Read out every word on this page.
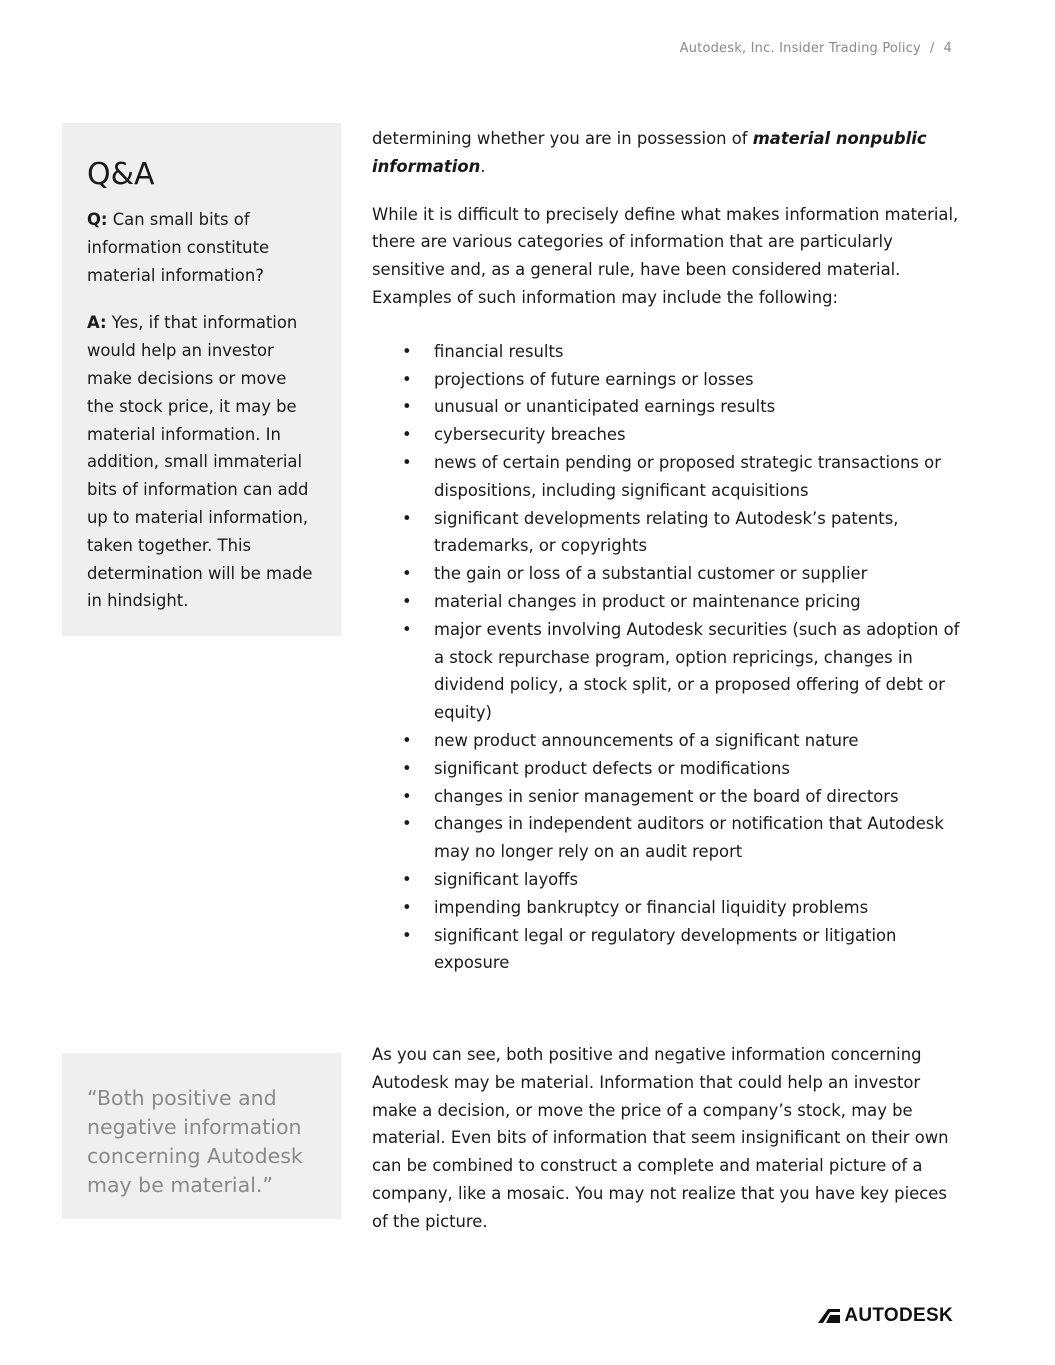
Autodesk, Inc. Insider Trading Policy / 4
Q&A

Q: Can small bits of information constitute material information?

A: Yes, if that information would help an investor make decisions or move the stock price, it may be material information. In addition, small immaterial bits of information can add up to material information, taken together. This determination will be made in hindsight.

determining whether you are in possession of material nonpublic information.

While it is difficult to precisely define what makes information material, there are various categories of information that are particularly sensitive and, as a general rule, have been considered material. Examples of such information may include the following:

• financial results
• projections of future earnings or losses
• unusual or unanticipated earnings results
• cybersecurity breaches
• news of certain pending or proposed strategic transactions or dispositions, including significant acquisitions
• significant developments relating to Autodesk’s patents, trademarks, or copyrights
• the gain or loss of a substantial customer or supplier
• material changes in product or maintenance pricing
• major events involving Autodesk securities (such as adoption of a stock repurchase program, option repricings, changes in dividend policy, a stock split, or a proposed offering of debt or equity)
• new product announcements of a significant nature
• significant product defects or modifications
• changes in senior management or the board of directors
• changes in independent auditors or notification that Autodesk may no longer rely on an audit report
• significant layoffs
• impending bankruptcy or financial liquidity problems
• significant legal or regulatory developments or litigation exposure

“Both positive and negative information concerning Autodesk may be material.”

As you can see, both positive and negative information concerning Autodesk may be material. Information that could help an investor make a decision, or move the price of a company’s stock, may be material. Even bits of information that seem insignificant on their own can be combined to construct a complete and material picture of a company, like a mosaic. You may not realize that you have key pieces of the picture.

AUTODESK
